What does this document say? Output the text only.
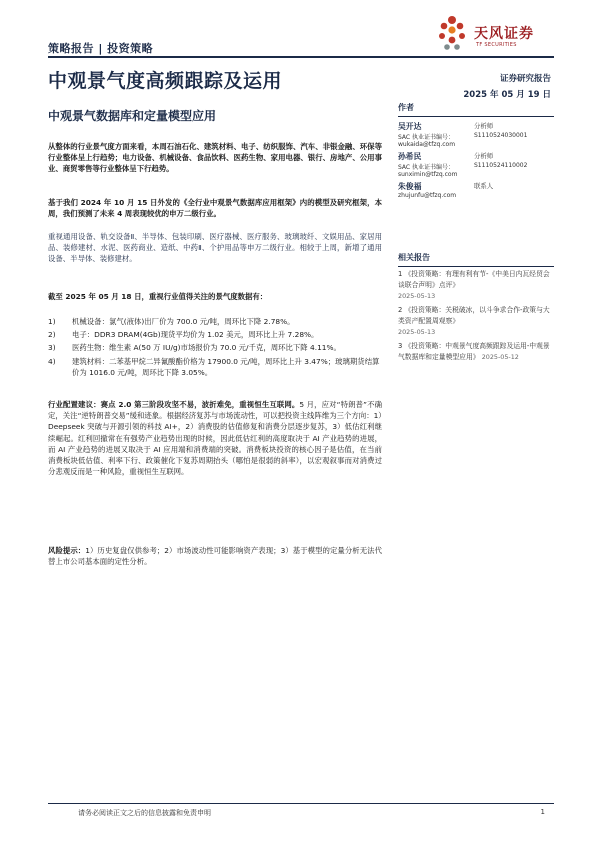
策略报告 | 投资策略
天风证券
TF SECURITIES
中观景气度高频跟踪及运用	证券研究报告
2025 年 05 月 19 日
中观景气数据库和定量模型应用

从整体的行业景气度方面来看，本周石油石化、建筑材料、电子、纺织服饰、汽车、非银金融、环保等行业整体呈上行趋势；电力设备、机械设备、食品饮料、医药生物、家用电器、银行、房地产、公用事业、商贸零售等行业整体呈下行趋势。

基于我们 2024 年 10 月 15 日外发的《全行业中观景气数据库应用框架》内的模型及研究框架，本周，我们预测了未来 4 周表现较优的申万二级行业。

重视通用设备、轨交设备Ⅱ、半导体、包装印刷、医疗器械、医疗服务、玻璃玻纤、文娱用品、家居用品、装修建材、水泥、医药商业、造纸、中药Ⅱ、个护用品等申万二级行业。相较于上周，新增了通用设备、半导体、装修建材。

截至 2025 年 05 月 18 日，重视行业值得关注的景气度数据有：

1) 机械设备：氯气(液体)出厂价为 700.0 元/吨，周环比下降 2.78%。
2) 电子：DDR3 DRAM(4Gb)现货平均价为 1.02 美元，周环比上升 7.28%。
3) 医药生物：维生素 A(50 万 IU/g)市场报价为 70.0 元/千克，周环比下降 4.11%。
4) 建筑材料：二苯基甲烷二异氰酸酯价格为 17900.0 元/吨，周环比上升 3.47%；玻璃期货结算价为 1016.0 元/吨，周环比下降 3.05%。

行业配置建议：赛点 2.0 第三阶段攻坚不易，波折难免，重视恒生互联网。5 月，应对“特朗普”不确定，关注“逆特朗普交易”缓和迹象。根据经济复苏与市场流动性，可以把投资主线阵维为三个方向：1）Deepseek 突破与开源引领的科技 AI+，2）消费股的估值修复和消费分层逐步复苏，3）低估红利继续崛起。红利回撤常在有强势产业趋势出现的时候，因此低估红利的高度取决于 AI 产业趋势的进展，而 AI 产业趋势的进展又取决于 AI 应用端和消费端的突破。消费板块投资的核心因子是估值，在当前消费板块低估值、利率下行、政策催化下复苏周期抬头（哪怕是很弱的斜率），以宏观叙事而对消费过分悲观反而是一种风险，重视恒生互联网。

风险提示：1）历史复盘仅供参考；2）市场波动性可能影响资产表现；3）基于模型的定量分析无法代替上市公司基本面的定性分析。

作者
吴开达	分析师
SAC 执业证书编号：	S1110524030001
wukaida@tfzq.com
孙希民	分析师
SAC 执业证书编号：	S1110524110002
sunximin@tfzq.com
朱俊福	联系人
zhujunfu@tfzq.com
相关报告
1 《投资策略：有理有利有节-《中美日内瓦经贸会谈联合声明》点评》
2025-05-13
2 《投资策略：关税破冰，以斗争求合作-政策与大类资产配置周观察》
2025-05-13
3 《投资策略：中观景气度高频跟踪及运用-中观景气数据库和定量模型应用》 2025-05-12
请务必阅读正文之后的信息披露和免责申明	1
